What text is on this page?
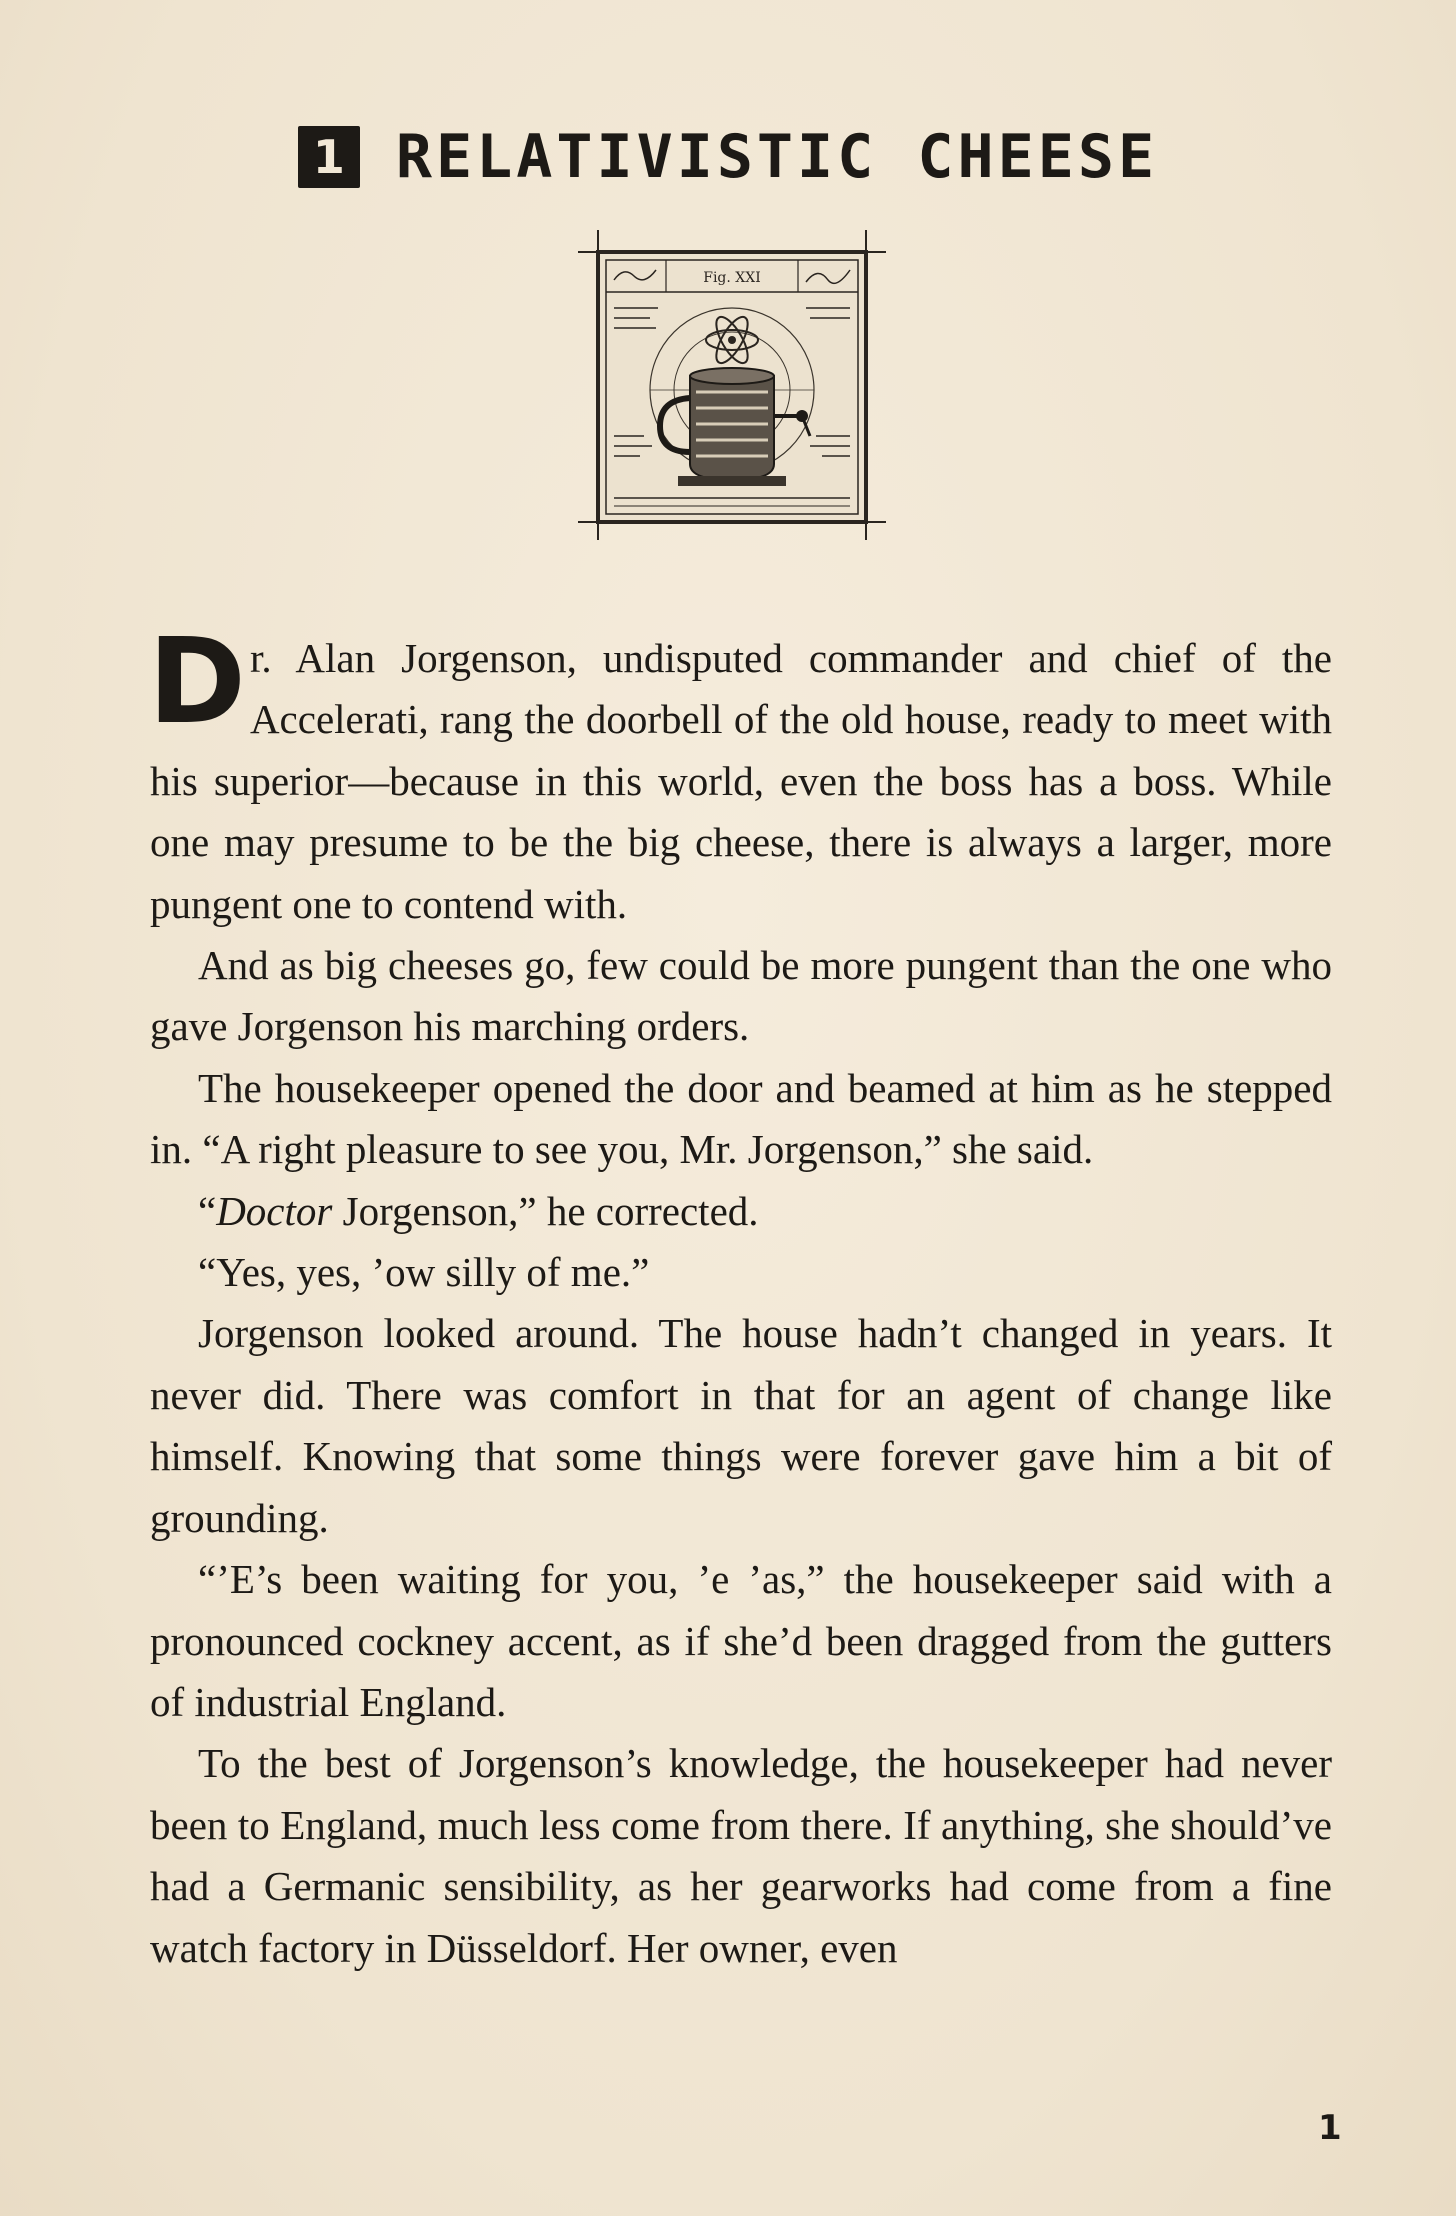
1 RELATIVISTIC CHEESE
Fig. XXI

Dr. Alan Jorgenson, undisputed commander and chief of the Accelerati, rang the doorbell of the old house, ready to meet with his superior—because in this world, even the boss has a boss. While one may presume to be the big cheese, there is always a larger, more pungent one to contend with.

And as big cheeses go, few could be more pungent than the one who gave Jorgenson his marching orders.

The housekeeper opened the door and beamed at him as he stepped in. “A right pleasure to see you, Mr. Jorgenson,” she said.

“Doctor Jorgenson,” he corrected.

“Yes, yes, ’ow silly of me.”

Jorgenson looked around. The house hadn’t changed in years. It never did. There was comfort in that for an agent of change like himself. Knowing that some things were forever gave him a bit of grounding.

“’E’s been waiting for you, ’e ’as,” the housekeeper said with a pronounced cockney accent, as if she’d been dragged from the gutters of industrial England.

To the best of Jorgenson’s knowledge, the housekeeper had never been to England, much less come from there. If anything, she should’ve had a Germanic sensibility, as her gearworks had come from a fine watch factory in Düsseldorf. Her owner, even

1
